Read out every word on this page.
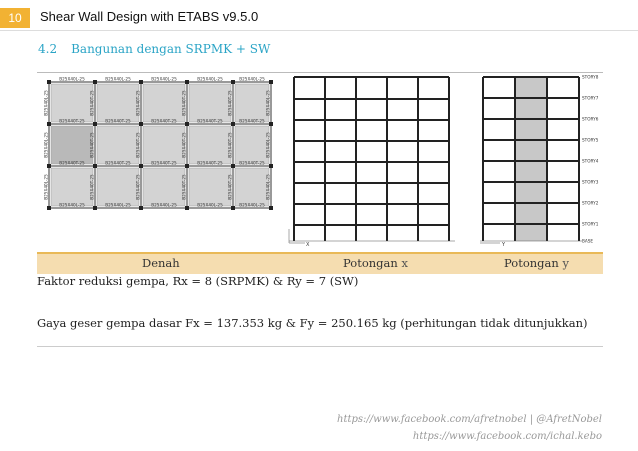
10	Shear Wall Design with ETABS v9.5.0
4.2 Bangunan dengan SRPMK + SW
B25X40L-25
B25X40T-25
B25X40T-25
B25X40L-25
B25X40L-25
B25X40T-25
B25X40T-25
B25X40L-25
B25X40L-25
B25X40T-25
B25X40T-25
B25X40L-25
B25X40L-25
B25X40T-25
B25X40T-25
B25X40L-25
B25X40L-25
B25X40T-25
B25X40T-25
B25X40L-25
B25X40L-25
B25X40L-25
B25X40L-25
B25X40T-25
B25X40T-25
B25X40T-25
B25X40T-25
B25X40T-25
B25X40T-25
B25X40T-25
B25X40T-25
B25X40T-25
B25X40T-25
B25X40T-25
B25X40T-25
B25X40L-25
B25X40L-25
B25X40L-25
X
STORY8
STORY7
STORY6
STORY5
STORY4
STORY3
STORY2
STORY1
BASE
Y
Denah	Potongan x	Potongan y
Faktor reduksi gempa, Rx = 8 (SRPMK) & Ry = 7 (SW)
Gaya geser gempa dasar Fx = 137.353 kg & Fy = 250.165 kg (perhitungan tidak ditunjukkan)
https://www.facebook.com/afretnobel | @AfretNobel
https://www.facebook.com/ichal.kebo
